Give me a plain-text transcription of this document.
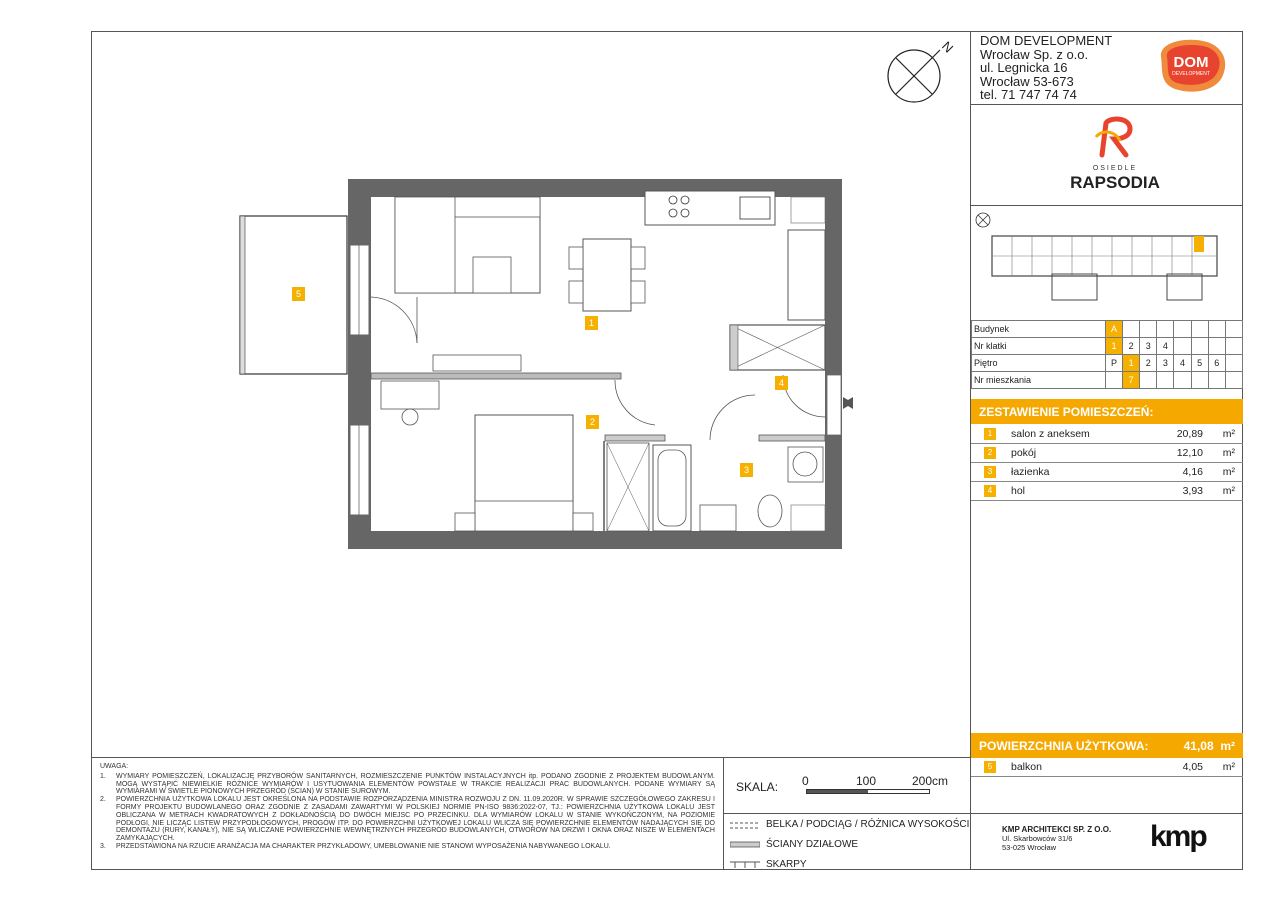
DOM DEVELOPMENT
Wrocław Sp. z o.o.
ul. Legnicka 16
Wrocław 53-673
tel. 71 747 74 74
DOM
DEVELOPMENT
N
OSIEDLE
RAPSODIA
Budynek	A							
Nr klatki	1	2	3	4				
Piętro	P	1	2	3	4	5	6	
Nr mieszkania		7						
ZESTAWIENIE POMIESZCZEŃ:
1	salon z aneksem	20,89 m²
2	pokój	12,10 m²
3	łazienka	4,16 m²
4	hol	3,93 m²
POWIERZCHNIA UŻYTKOWA:	41,08 m²
5	balkon	4,05 m²
1
2
3
4
5
UWAGA:
1. WYMIARY POMIESZCZEŃ, LOKALIZACJĘ PRZYBORÓW SANITARNYCH, ROZMIESZCZENIE PUNKTÓW INSTALACYJNYCH itp. PODANO ZGODNIE Z PROJEKTEM BUDOWLANYM. MOGĄ WYSTĄPIĆ NIEWIELKIE RÓŻNICE WYMIARÓW I USYTUOWANIA ELEMENTÓW POWSTAŁE W TRAKCIE REALIZACJI PRAC BUDOWLANYCH. PODANE WYMIARY SĄ WYMIARAMI W ŚWIETLE PIONOWYCH PRZEGRÓD (ŚCIAN) W STANIE SUROWYM.
2. POWIERZCHNIA UŻYTKOWA LOKALU JEST OKREŚLONA NA PODSTAWIE ROZPORZĄDZENIA MINISTRA ROZWOJU Z DN. 11.09.2020R. W SPRAWIE SZCZEGÓŁOWEGO ZAKRESU I FORMY PROJEKTU BUDOWLANEGO ORAZ ZGODNIE Z ZASADAMI ZAWARTYMI W POLSKIEJ NORMIE PN-ISO 9836:2022-07, TJ.: POWIERZCHNIA UŻYTKOWA LOKALU JEST OBLICZANA W METRACH KWADRATOWYCH Z DOKŁADNOŚCIĄ DO DWÓCH MIEJSC PO PRZECINKU. DLA WYMIARÓW LOKALU W STANIE WYKOŃCZONYM, NA POZIOMIE PODŁOGI, NIE LICZĄC LISTEW PRZYPODŁOGOWYCH, PROGÓW ITP. DO POWIERZCHNI UŻYTKOWEJ LOKALU WLICZA SIĘ POWIERZCHNIE ELEMENTÓW NADAJĄCYCH SIĘ DO DEMONTAŻU (RURY, KANAŁY), NIE SĄ WLICZANE POWIERZCHNIE WEWNĘTRZNYCH PRZEGRÓD BUDOWLANYCH, OTWORÓW NA DRZWI I OKNA ORAZ NISZE W ELEMENTACH ZAMYKAJĄCYCH.
3. PRZEDSTAWIONA NA RZUCIE ARANŻACJA MA CHARAKTER PRZYKŁADOWY, UMEBLOWANIE NIE STANOWI WYPOSAŻENIA NABYWANEGO LOKALU.
SKALA: 0	100	200cm
BELKA / PODCIĄG / RÓŻNICA WYSOKOŚCI
ŚCIANY DZIAŁOWE
SKARPY
KMP ARCHITEKCI SP. Z O.O.
Ul. Skarbowców 31/6
53-025 Wrocław	kmp
